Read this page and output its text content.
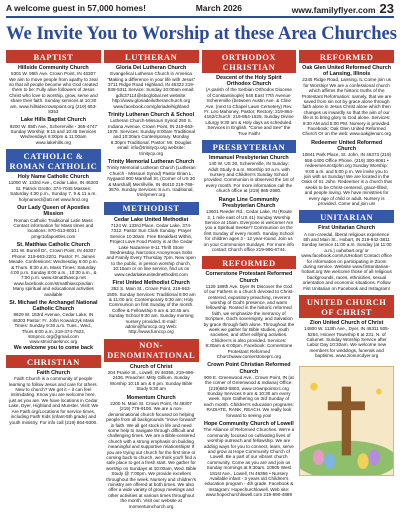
A welcome guest in 57,000 homes!	March 2026	www.familyflyer.com 23
We Invite You to Worship at these Area Churches
BAPTIST
Hillside Community Church
5301 W. 95th Ave. Crown Point, IN 46307 We aim to move people from apathy to zeal so that all people become who God created them to be: Fully alive followers of Jesus Christ who love to worship, grow, serve and share their faith. Sunday services at 10:30 am. www.hillsidecrownpoint.org (219) 663-8353
Lake Hills Baptist Church
9200 W. 85th Ave., Schererville - 365-4747 Sunday Worship: 9:15 and 10:45 Services Wednesdays 6:00pm & 11:00am www.lakehills.org
CATHOLIC & ROMAN CATHOLIC
Holy Name Catholic Church
11000 W. 133rd Ave., Cedar Lake, IN 46303 St. Patrick Grotto: 374-7045 Masses: Saturday 4:30 p.m., Sunday 7, 9 & 11 a.m. holynamecl@att.net www.hncl.org
Our Lady Queen of Apostles Mission
Roman Catholic Traditional Latin Mass Contact information for Mass times and locations: 970-613-8031 / pmgr1ofapostles.com
St. Matthias Catholic Church
101 W. Burrell Dr., Crown Point, IN 46307 Phone: 219-663-2201. Pastor: Fr. James Meade. Confessions: Wednesday 6:00 p.m. & Thurs. 8:30 a.m. Mass Times: Saturday 4:00 p.m. Sunday 8:00 a.m., 10:30 a.m., & 7:00 p.m. www.stmatthiascp.net www.facebook.com/stmatthiascpindian Many spiritual and educational activities available
St. Michael the Archangel National Catholic Church
9629 W. 153rd Avenue, Cedar Lake, IN 46303 Pastor: Fr. John Kowalczyk Mass Times: Sunday 9:30 a.m. Tues., Wed., Thurs 9:00 a.m. 219-374-7622, stmpncc.org@gmail.com www.stmichaelsncc.org
We welcome you to come back
CHRISTIAN
Faith Church
Faith Church is a community of people learning to follow Jesus and care for others. New to church? We get it – it can feel intimidating. Know you are welcome here, just as you are. We have locations in Cedar Lake, Dyer, Highland and Munster. Visit: We Are Faith.org/Locations for service times, including Faith Kids (infant-5th grade) and youth ministry. For info call (219) 864-9300.
LUTHERAN
Gloria Dei Lutheran Church
Evangelical Lutheran Church in America "Making a difference in your life with Jesus" 3711 Ridge Road Highland, IN 46322 219-838-5311 Service: Sunday 10:00am email: gdlc37114@sbcglobal.net website: http://www.gloriadeilutheranchurch.org www.facebook.com/gloriadeihighland
Trinity Lutheran Church & School
Lutheran Church-Missouri Synod 250 S. Indiana Avenue, Crown Point, IN 219-663-1578. Services: Sunday 8:00am Traditional and 10:30am Contemporary. Monday 6:30pm Traditional. Pastor: Mr. Douglas email: info@trinitycp.org website: trinitycp.org
Trinity Memorial Lutheran Church
Trinity Memorial Lutheran Church (Lutheran Church - Missouri Synod) Pastor Brian L. Nygaard 900 Marshall St. (Corner of US 30 & Marshall) Merrillville, IN 46410 219-769-3576. Sunday Services: 8 a.m. traditional, trinitymerr.org
METHODIST
Cedar Lake United Methodist
7124 W. 133rd Place, Cedar Lake, 374-7312. Pastor Sun Clark Sunday: Prayer Service 10:30am. Free Breakfast Within, Project Love Food Pantry is at the Cedar Lake Nazarene 9-11 Thrift Store Wednesday. Narcotics Anonymous Sobs and Family Every Thursday 7pm. New open to the public, in person worship church, 10:15am or on line service, find us on www.cedarlakeunitedmethodist.com
First United Methodist Church
352 S. Main St., Crown Point, 219-663-1505. Sunday Services: Traditional 8:00 am & 11:00 am; Contemporary 9:30 am; Holy Communion on first Sunday of the month. Coffee & Fellowship 9 am & 10:45 am. Sunday School 9:30 am. Sunday morning nursery provided. E-mail: admin@fumccp.org Web: http://www.fumccp.org
NON-DENOMINATIONAL
Church of Christ
204 Prairie St., Lowell, IN 46356, 219-696-2436. Preacher: Mitty Gillium. Sunday Worship 10:15 am & 6 pm. Sunday Bible Study 9:30 am
Momentum Church
2200 N. Main St. Crown Point, IN 46307 (219) 779-9106. We are a non-denominational church focused on helping people from all backgrounds "move forward" in faith. We all get stuck in life and need some help to navigate through difficult and challenging times. We are a Bible-centered church with a strong emphasis on building meaningful and supportive relationships! If you are trying out church for the first time or coming back to church, we think you'll find a safe place to get a fresh start. We gather for worship on Sundays at 10:00am, Wed. Bible Study @ 7:00pm. We provide excellent throughout the week. Nursery and children's ministry are offered at both times. We also offer a wide variety of group meetings and other activities at various times throughout the month. Visit our website at momentumchurch.org
ORTHODOX CHRISTIAN
Descent of the Holy Spirit Orthodox Church
(A parish of the Serbian Orthodox Diocese of Constantinople) 545 East 77th Avenue Schererville (between Austin Ave. & Cline Ave. (next to Chapel Lawn Cemetery) Rev. Fr. Leo Mahoney, Pastor; Rectory: 219-864-4162/Church: 219-864-1525. Sunday Divine Liturgy 9:30 am & Holy days as scheduled. Services in English. "Come and See" the True Faith!
PRESBYTERIAN
Immanuel Presbyterian Church
140 W. US 30, Schererville, IN Sunday: Adult Study 9 a.m. Worship 10 a.m. with nursery and Children's Sunday School provided. Communion is observed the 1st of every month. For more information call the church office at (219) 865-2680.
Range Line Community Presbyterian Church
13601 Reeder Rd., Cedar Lake, IN (Route 2, 1 mile east of US 41) Sunday Worship Service at 10am. Everyone is welcome! Are you a Spiritual Seeker? Communion on the first Sunday of every month. Sunday School for children ages 3 - 12 year-round. Join us on your Communion Sundays. For more info contact Church office 219-996-6744.
REFORMED
Cornerstone Protestant Reformed Church
1129 189th Ave. Dyer IN Discover the God of our Fathers in a church devoted to Christ-centered, expository preaching, reverent worship of God's presence, and warm fellowship. Rooted in the historic reformed faith, we emphasize the inerrancy of Scripture, God's sovereignty, and Salvation by grace through faith alone. Throughout the week we gather for Bible studies, youth societies, and other edifying activities. Children's is also provided. Services: 9:30am & 6:00pm. Facebook: Cornerstone Protestant Reformed Churchwww.cornerstoneprc.org
Crown Point Christian Reformed Church
909 E. Greenwood Ave., Crown Point, IN (at the corner of Greenwood & Indiana) Office: (219)663-5803, www.crownpointcrc.org Sunday Services 9 am & 10:30 am every week. Spm Gathering on 3rd Sunday of each month. Children's education programs: RADIATE, RANK, REACH. We really look forward to seeing you!
Hope Community Church of Lowell
The Alliance of Reformed Churches. We're a community focused on cultivating lives of worship outreach and fellowship. We are adding ways for you to connect, learn, serve and grow at Hope Community Church of Lowell. Be a part of our vibrant church community. Come as you are and join us Sunday mornings at 9:30am. 10505 West 181st Ave., Lowell, IN 46356 • Nursery Available infant - 3 years old Children's education program - 4th grade. Facebook & Instagram: Hopechurchlowell. Web site: www.hopechurchlowell.com 219-690-4889
REFORMED
Oak Glen United Reformed Church of Lansing, Illinois
2245 Ridge Road, Lansing, IL Come join us for Worship! We are a confessional church which affirms the historic truths of the Protestant Reformation: namely, that we are saved from sin not by grace alone through faith alone in Jesus Christ alone which then changes us inwardly so that the aim of our life is to bring glory to God alone. Services: 9:30 AM and 5:00 PM. Nursery is provided. Facebook: Oak Glen United Reformed Church Or on the web: www.oakglenurc.org
Redeemer United Reformed Church
10841 Park Place, St. John, IN 46373 (219) 558-1400 Office Phone. (219) 300-9061 • redeemerurcstjohn.org Sunday Worship: 9:00 a.m. and 5:00 p.m. We invite you to join with us Sunday! We are located in the Oaks of St. John. Redeemer is a church that seeks to be Christ-centered, grace-filled, and people loving. We have ministries for every age of child or adult. Nursery is provided. Come and join us!
UNITARIAN
First Unitarian Church
A non-creedal, liberal religious experience 5th and Main St., Hobart, IN 219-942-3811 Sunday service 11:00 a.m. Sunday (at 11:00 a.m.) uuhobart.org/ or www.facebook.com/UUHobart Contact office for information on participating in Zoom during service. Website www.firstunitarian-hobart.org We welcome those of all religious backgrounds, races, ethnicities, sexual orientation and economic situations. Follow Fist Unitarian on Facebook and Instagram!
UNITED CHURCH OF CHRIST
Zion United Church of Christ
14800 W. 113th Ave., Dyer, IN 46311 505-5264, Hoover Township 8 at 231, N. of Calumet. Sunday Worship Service after Labor Day 10:30am. We welcome new members for weddings, funerals and baptisms. www.zionurcdyer.org
